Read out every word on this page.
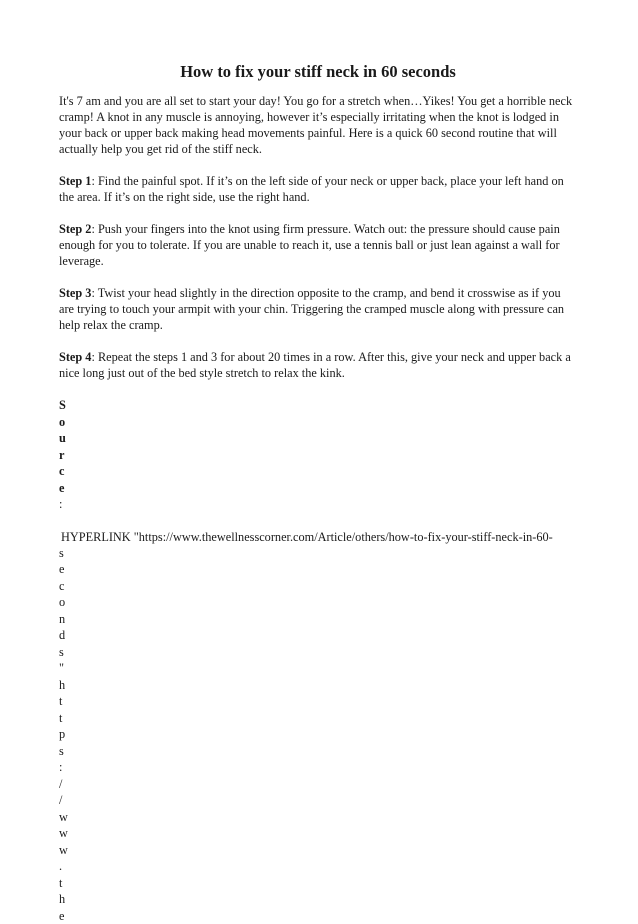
How to fix your stiff neck in 60 seconds

It's 7 am and you are all set to start your day! You go for a stretch when…Yikes! You get a horrible neck cramp! A knot in any muscle is annoying, however it’s especially irritating when the knot is lodged in your back or upper back making head movements painful. Here is a quick 60 second routine that will actually help you get rid of the stiff neck.

Step 1: Find the painful spot. If it’s on the left side of your neck or upper back, place your left hand on the area. If it’s on the right side, use the right hand.

Step 2: Push your fingers into the knot using firm pressure. Watch out: the pressure should cause pain enough for you to tolerate. If you are unable to reach it, use a tennis ball or just lean against a wall for leverage.

Step 3: Twist your head slightly in the direction opposite to the cramp, and bend it crosswise as if you are trying to touch your armpit with your chin. Triggering the cramped muscle along with pressure can help relax the cramp.

Step 4: Repeat the steps 1 and 3 for about 20 times in a row. After this, give your neck and upper back a nice long just out of the bed style stretch to relax the kink.

S
o
u
r
c
e
:

HYPERLINK "https://www.thewellnesscorner.com/Article/others/how-to-fix-your-stiff-neck-in-60-

s
e
c
o
n
d
s
"
h
t
t
p
s
:
/
/
w
w
w
.
t
h
e
